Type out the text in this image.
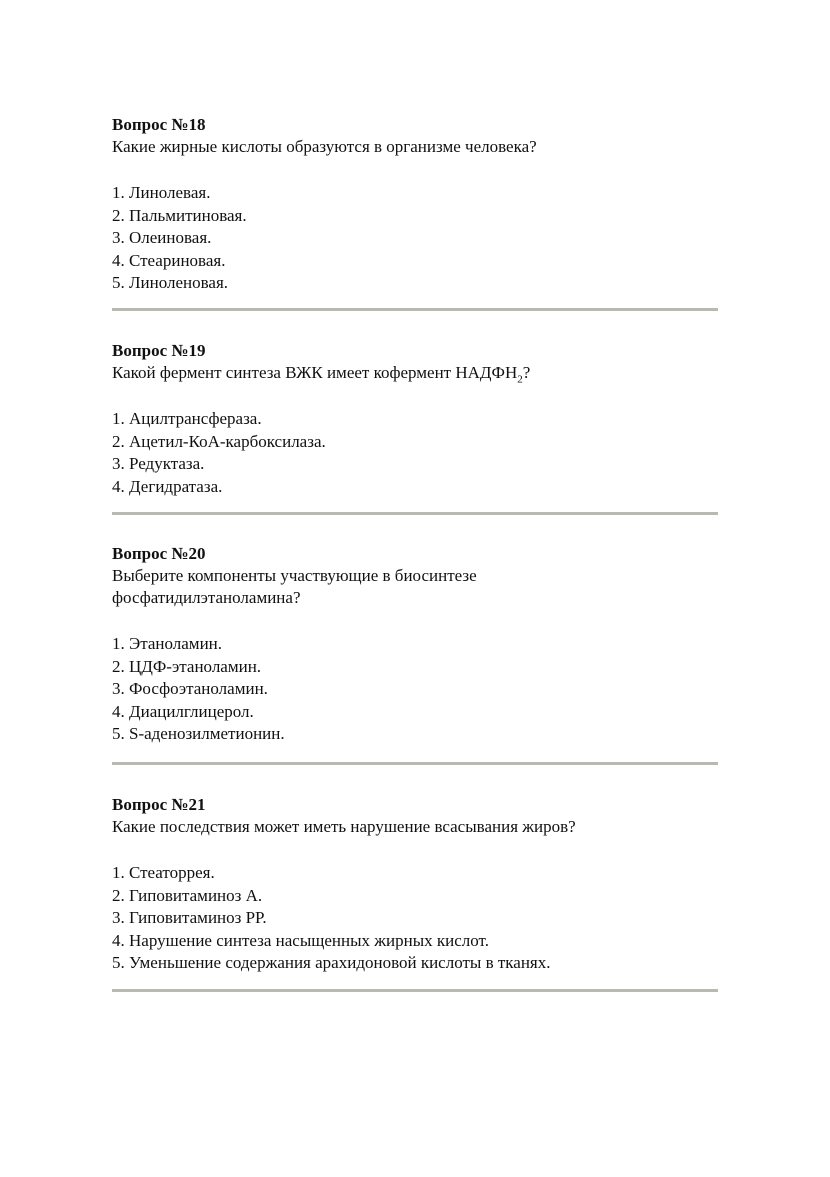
Вопрос №18

Какие жирные кислоты образуются в организме человека?

1. Линолевая.
2. Пальмитиновая.
3. Олеиновая.
4. Стеариновая.
5. Линоленовая.

Вопрос №19

Какой фермент синтеза ВЖК имеет кофермент $НАДФН_2$?

1. Ацилтрансфераза.
2. Ацетил-КоА-карбоксилаза.
3. Редуктаза.
4. Дегидратаза.

Вопрос №20

Выберите компоненты участвующие в биосинтезе

фосфатидилэтаноламина?

1. Этаноламин.
2. ЦДФ-этаноламин.
3. Фосфоэтаноламин.
4. Диацилглицерол.
5. S-аденозилметионин.

Вопрос №21

Какие последствия может иметь нарушение всасывания жиров?

1. Стеаторрея.
2. Гиповитаминоз А.
3. Гиповитаминоз РР.
4. Нарушение синтеза насыщенных жирных кислот.
5. Уменьшение содержания арахидоновой кислоты в тканях.
